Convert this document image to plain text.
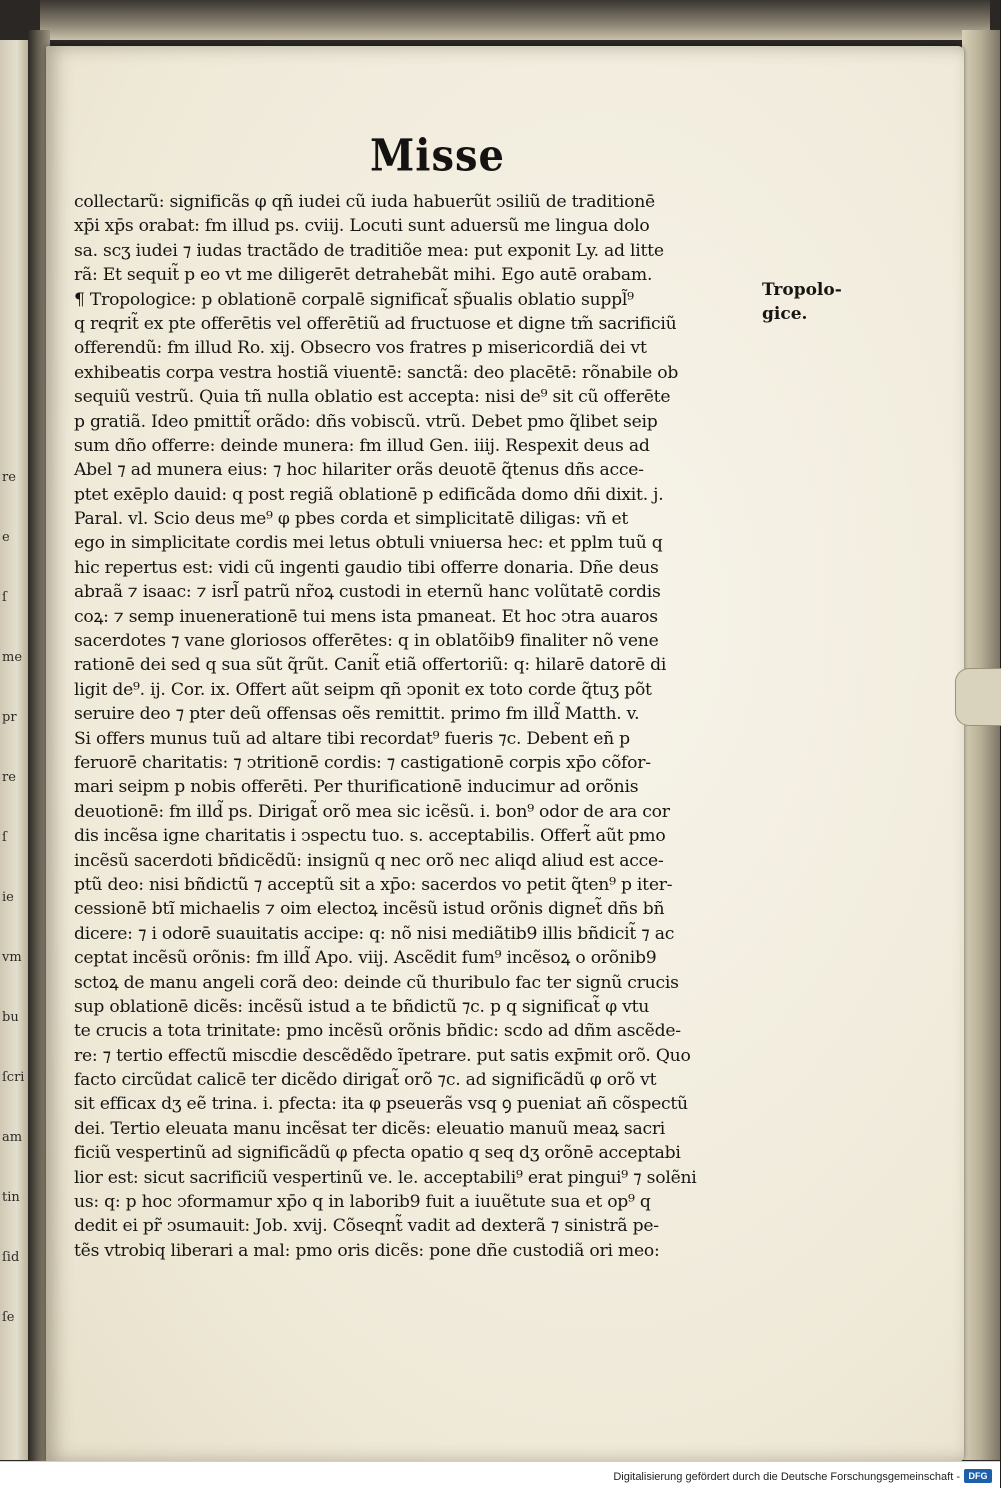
re
e
ſ
me
pr
re
ſ
ie
vm
bu
ſcri
am
tin
ſid
ſe
Misse
collectarũ: significãs φ qñ iudei cũ iuda habuerũt ↄsiliũ de traditionē
xp̄i xp̄s orabat: fm illud ps. cviij. Locuti sunt aduersũ me lingua dolo
sa. scʒ iudei ⁊ iudas tractãdo de traditiõe mea: put exponit Ly. ad litte
rã: Et sequit̃ p eo vt me diligerēt detrahebãt mihi. Ego autē orabam.
¶ Tropologice: p oblationē corpalē significat̃ sp̃ualis oblatio suppl̃⁹
q reqrit̃ ex pte offerētis vel offerētiũ ad fructuose et digne tm̃ sacrificiũ
offerendũ: fm illud Ro. xij. Obsecro vos fratres p misericordiã dei vt
exhibeatis corpa vestra hostiã viuentē: sanctã: deo placētē: rõnabile ob
sequiũ vestrũ. Quia tñ nulla oblatio est accepta: nisi de⁹ sit cũ offerēte
p gratiã. Ideo pmittit̃ orãdo: dñs vobiscũ. vtrũ. Debet pmo q̃libet seip
sum dño offerre: deinde munera: fm illud Gen. iiij. Respexit deus ad
Abel ⁊ ad munera eius: ⁊ hoc hilariter orãs deuotē q̃tenus dñs acce-
ptet exēplo dauid: q post regiã oblationē p edificãda domo dñi dixit. j.
Paral. vl. Scio deus me⁹ φ pbes corda et simplicitatē diligas: vñ et
ego in simplicitate cordis mei letus obtuli vniuersa hec: et pplm tuũ q
hic repertus est: vidi cũ ingenti gaudio tibi offerre donaria. Dñe deus
abraã ⁊ isaac: ⁊ isrl̃ patrũ nr̃oꝝ custodi in eternũ hanc volũtatē cordis
coꝝ: ⁊ semp inuenerationē tui mens ista pmaneat. Et hoc ↄtra auaros
sacerdotes ⁊ vane gloriosos offerētes: q in oblatõib9 finaliter nõ vene
rationē dei sed q sua sũt q̃rũt. Canit̃ etiã offertoriũ: q: hilarē datorē di
ligit de⁹. ij. Cor. ix. Offert aũt seipm qñ ↄponit ex toto corde q̃tuʒ põt
seruire deo ⁊ pter deũ offensas oẽs remittit. primo fm illd̃ Matth. v.
Si offers munus tuũ ad altare tibi recordat⁹ fueris ⁊c. Debent eñ p
feruorē charitatis: ⁊ ↄtritionē cordis: ⁊ castigationē corpis xp̄o cõfor-
mari seipm p nobis offerēti. Per thurificationē inducimur ad orõnis
deuotionē: fm illd̃ ps. Dirigat̃ orõ mea sic icẽsũ. i. bon⁹ odor de ara cor
dis incẽsa igne charitatis i ↄspectu tuo. s. acceptabilis. Offert̃ aũt pmo
incẽsũ sacerdoti bñdicẽdũ: insignũ q nec orõ nec aliqd aliud est acce-
ptũ deo: nisi bñdictũ ⁊ acceptũ sit a xp̄o: sacerdos vo petit q̃ten⁹ p iter-
cessionē btĩ michaelis ⁊ oim electoꝝ incẽsũ istud orõnis dignet̃ dñs bñ
dicere: ⁊ i odorē suauitatis accipe: q: nõ nisi mediãtib9 illis bñdicit̃ ⁊ ac
ceptat incẽsũ orõnis: fm illd̃ Apo. viij. Ascẽdit fum⁹ incẽsoꝝ o orõnib9
sctoꝝ de manu angeli corã deo: deinde cũ thuribulo fac ter signũ crucis
sup oblationē dicẽs: incẽsũ istud a te bñdictũ ⁊c. p q significat̃ φ vtu
te crucis a tota trinitate: pmo incẽsũ orõnis bñdic: scdo ad dñm ascẽde-
re: ⁊ tertio effectũ miscdie descẽdẽdo ĩpetrare. put satis exp̄mit orõ. Quo
facto circũdat calicē ter dicẽdo dirigat̃ orõ ⁊c. ad significãdũ φ orõ vt
sit efficax dʒ eẽ trina. i. pfecta: ita φ pseuerãs vsq ꝯ pueniat añ cõspectũ
dei. Tertio eleuata manu incẽsat ter dicẽs: eleuatio manuũ meaꝝ sacri
ficiũ vespertinũ ad significãdũ φ pfecta opatio q seq dʒ orõnē acceptabi
lior est: sicut sacrificiũ vespertinũ ve. le. acceptabili⁹ erat pingui⁹ ⁊ solẽni
us: q: p hoc ↄformamur xp̄o q in laborib9 fuit a iuuẽtute sua et op⁹ q
dedit ei pr̃ ↄsumauit: Job. xvij. Cõseqnt̃ vadit ad dexterã ⁊ sinistrã pe-
tẽs vtrobiq liberari a mal: pmo oris dicẽs: pone dñe custodiã ori meo:
Tropolo-
gice.
Digitalisierung gefördert durch die Deutsche Forschungsgemeinschaft - DFG
